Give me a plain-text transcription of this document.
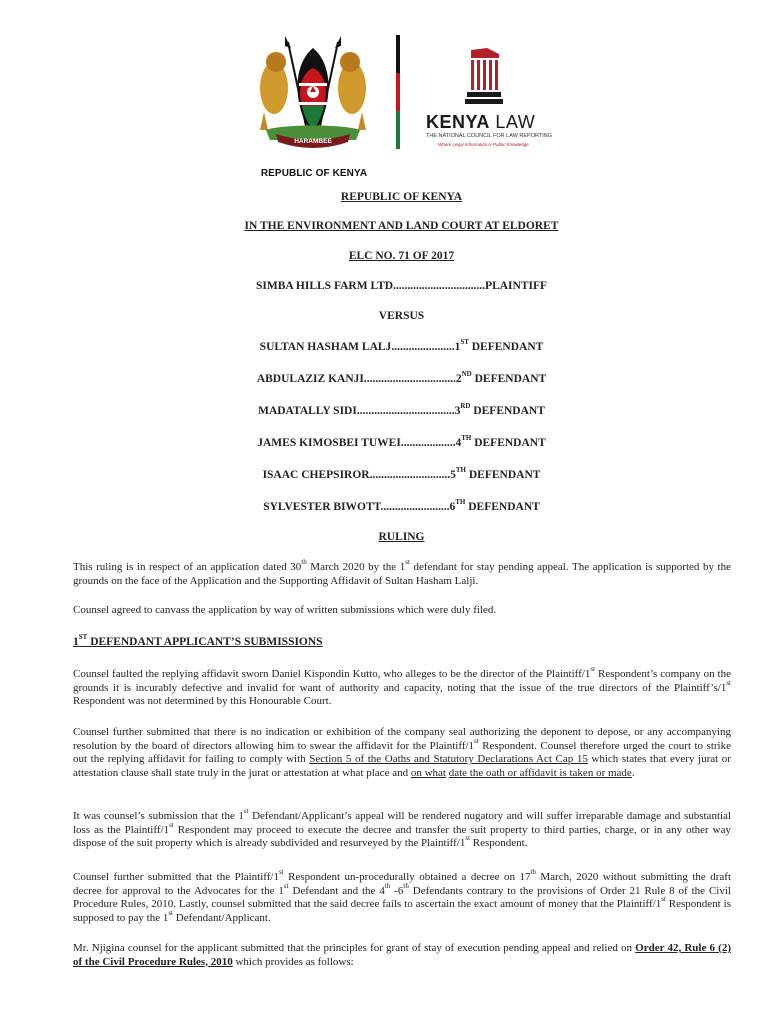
HARAMBEE
REPUBLIC OF KENYA
KENYA LAW
THE NATIONAL COUNCIL FOR LAW REPORTING
Where Legal Information is Public Knowledge
REPUBLIC OF KENYA
IN THE ENVIRONMENT AND LAND COURT AT ELDORET
ELC NO. 71 OF 2017
SIMBA HILLS FARM LTD................................PLAINTIFF
VERSUS
SULTAN HASHAM LALJ......................1ST DEFENDANT
ABDULAZIZ KANJI................................2ND DEFENDANT
MADATALLY SIDI..................................3RD DEFENDANT
JAMES KIMOSBEI TUWEI...................4TH DEFENDANT
ISAAC CHEPSIROR............................5TH DEFENDANT
SYLVESTER BIWOTT........................6TH DEFENDANT
RULING
This ruling is in respect of an application dated 30th March 2020 by the 1st defendant for stay pending appeal. The application is supported by the grounds on the face of the Application and the Supporting Affidavit of Sultan Hasham Lalji.
Counsel agreed to canvass the application by way of written submissions which were duly filed.
1ST DEFENDANT APPLICANT’S SUBMISSIONS
Counsel faulted the replying affidavit sworn Daniel Kispondin Kutto, who alleges to be the director of the Plaintiff/1st Respondent’s company on the grounds it is incurably defective and invalid for want of authority and capacity, noting that the issue of the true directors of the Plaintiff’s/1st Respondent was not determined by this Honourable Court.
Counsel further submitted that there is no indication or exhibition of the company seal authorizing the deponent to depose, or any accompanying resolution by the board of directors allowing him to swear the affidavit for the Plaintiff/1st Respondent. Counsel therefore urged the court to strike out the replying affidavit for failing to comply with Section 5 of the Oaths and Statutory Declarations Act Cap 15 which states that every jurat or attestation clause shall state truly in the jurat or attestation at what place and on what date the oath or affidavit is taken or made.
It was counsel’s submission that the 1st Defendant/Applicant’s appeal will be rendered nugatory and will suffer irreparable damage and substantial loss as the Plaintiff/1st Respondent may proceed to execute the decree and transfer the suit property to third parties, charge, or in any other way dispose of the suit property which is already subdivided and resurveyed by the Plaintiff/1st Respondent.
Counsel further submitted that the Plaintiff/1st Respondent un-procedurally obtained a decree on 17th March, 2020 without submitting the draft decree for approval to the Advocates for the 1st Defendant and the 4th -6th Defendants contrary to the provisions of Order 21 Rule 8 of the Civil Procedure Rules, 2010. Lastly, counsel submitted that the said decree fails to ascertain the exact amount of money that the Plaintiff/1st Respondent is supposed to pay the 1st Defendant/Applicant.
Mr. Njigina counsel for the applicant submitted that the principles for grant of stay of execution pending appeal and relied on Order 42, Rule 6 (2) of the Civil Procedure Rules, 2010 which provides as follows:
